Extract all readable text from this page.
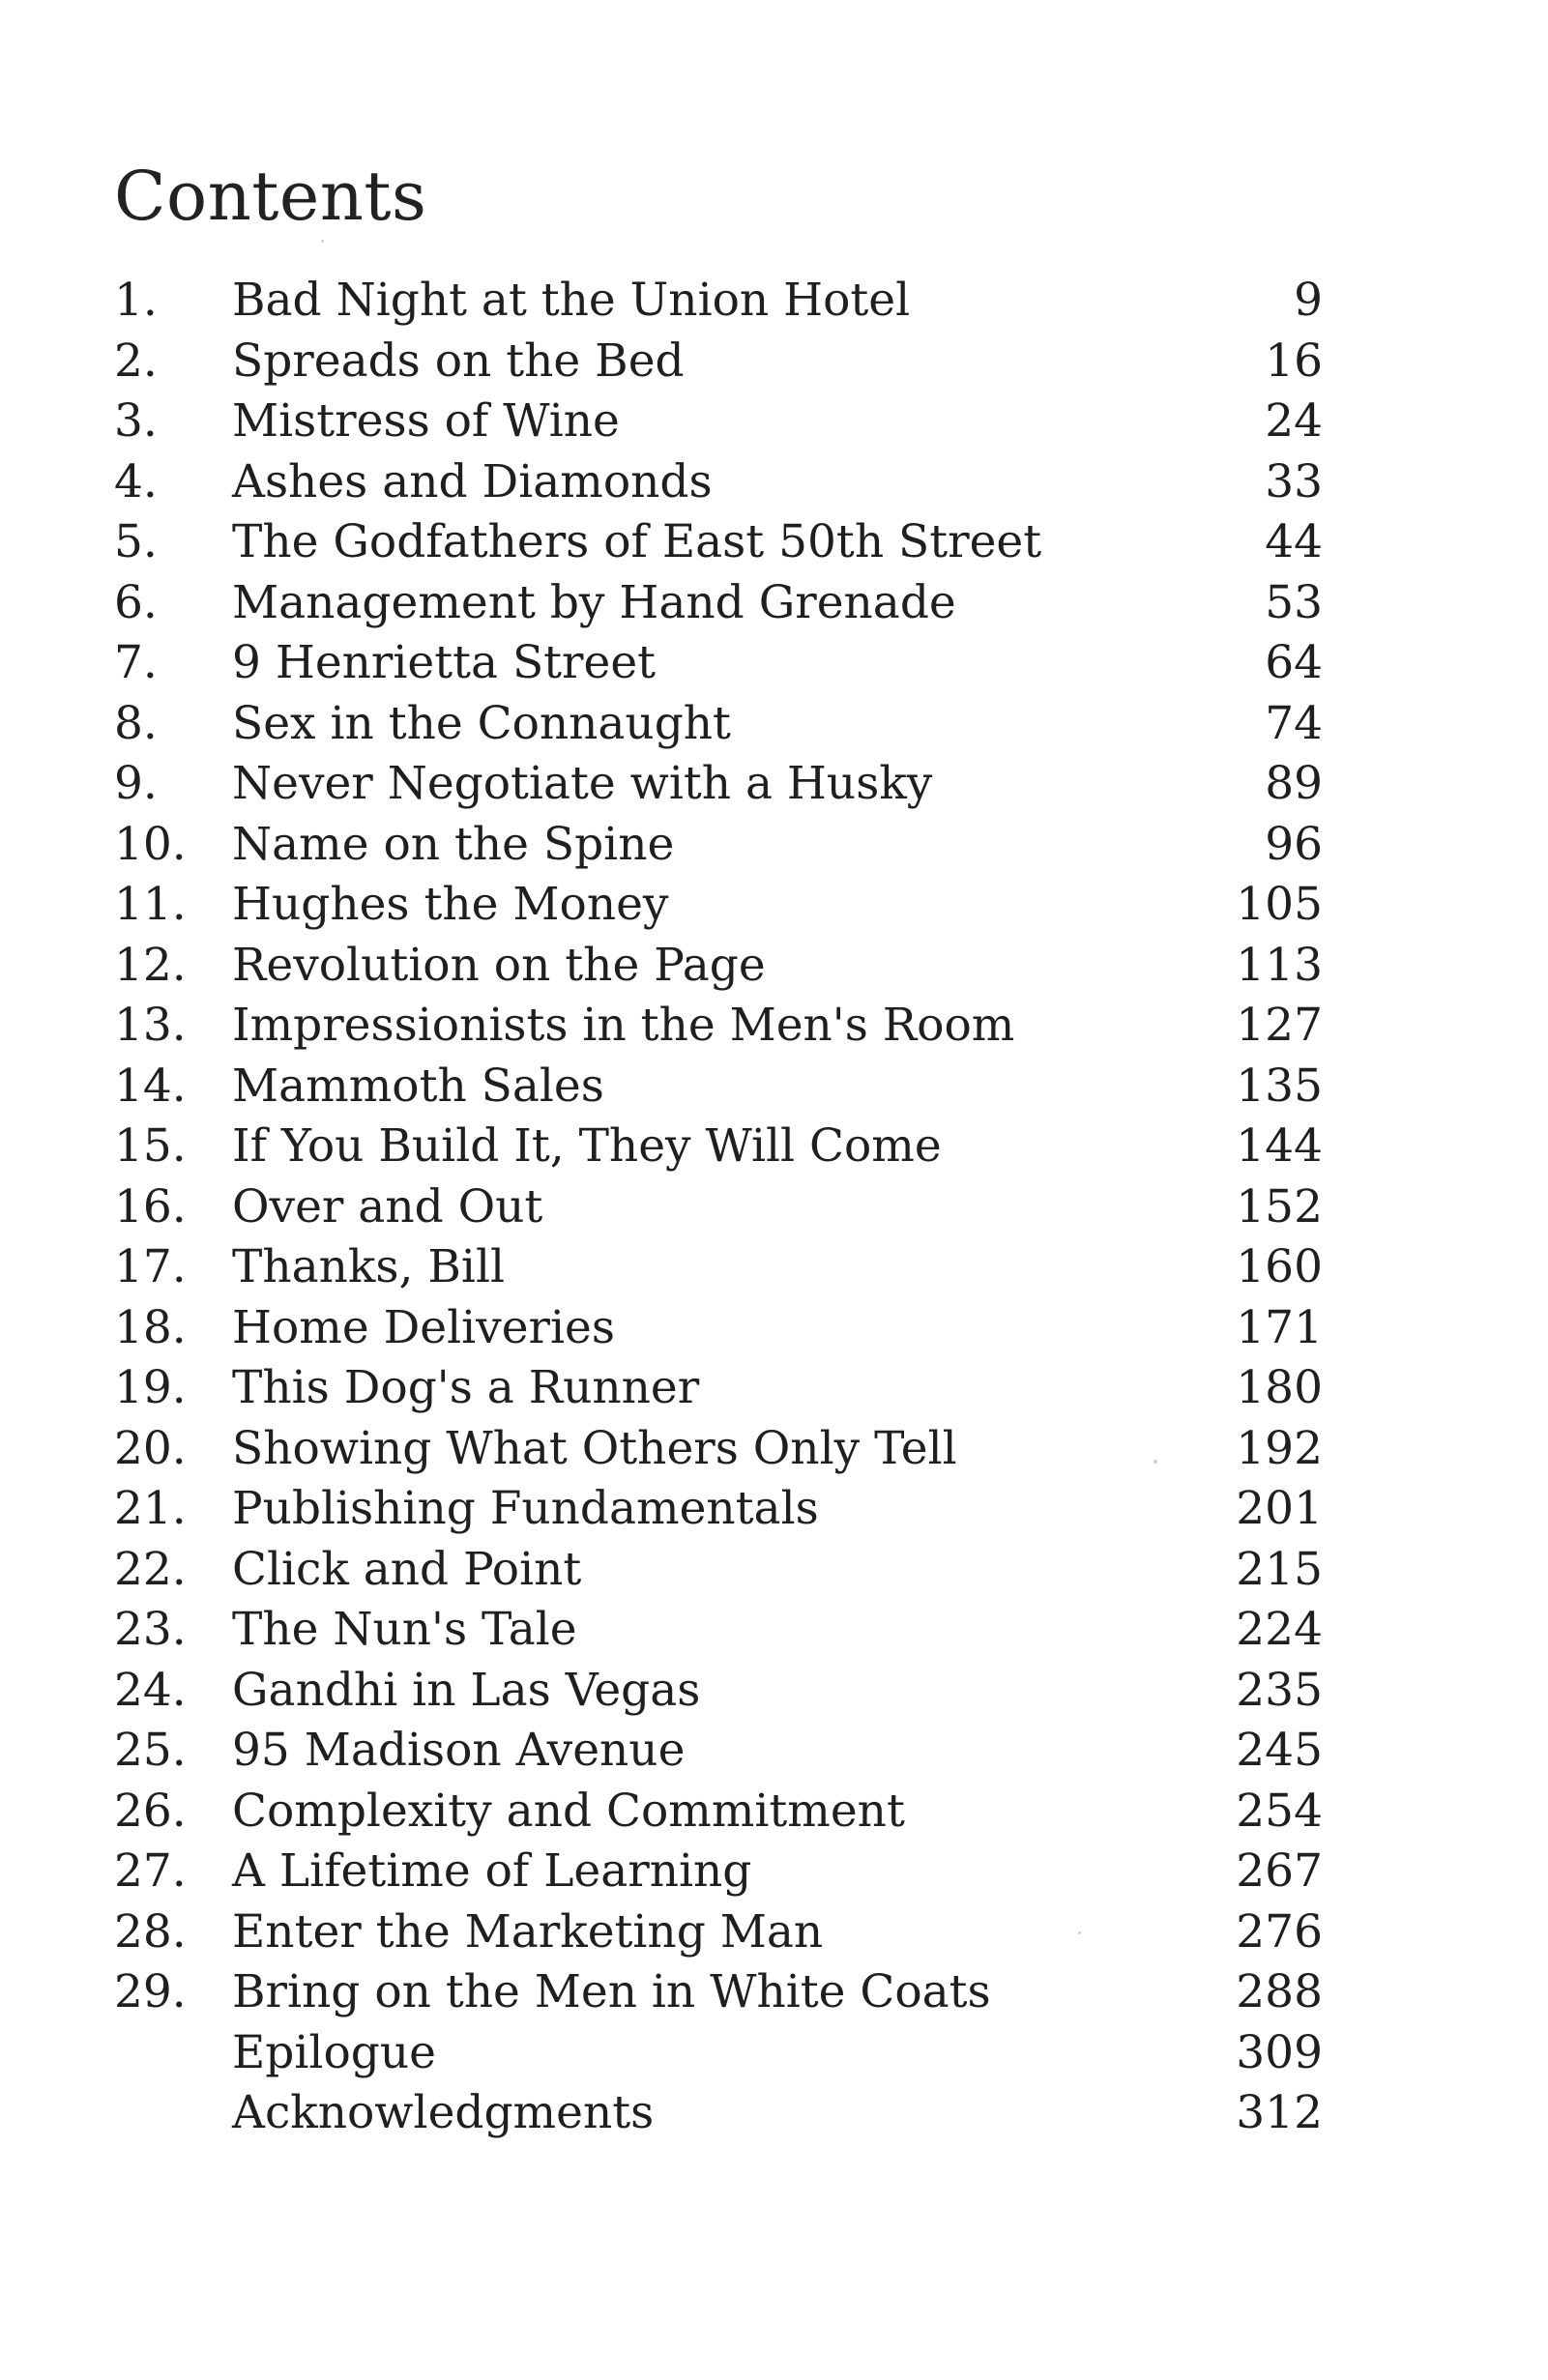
Contents
1. Bad Night at the Union Hotel	9
2. Spreads on the Bed	16
3. Mistress of Wine	24
4. Ashes and Diamonds	33
5. The Godfathers of East 50th Street	44
6. Management by Hand Grenade	53
7. 9 Henrietta Street	64
8. Sex in the Connaught	74
9. Never Negotiate with a Husky	89
10. Name on the Spine	96
11. Hughes the Money	105
12. Revolution on the Page	113
13. Impressionists in the Men's Room	127
14. Mammoth Sales	135
15. If You Build It, They Will Come	144
16. Over and Out	152
17. Thanks, Bill	160
18. Home Deliveries	171
19. This Dog's a Runner	180
20. Showing What Others Only Tell	192
21. Publishing Fundamentals	201
22. Click and Point	215
23. The Nun's Tale	224
24. Gandhi in Las Vegas	235
25. 95 Madison Avenue	245
26. Complexity and Commitment	254
27. A Lifetime of Learning	267
28. Enter the Marketing Man	276
29. Bring on the Men in White Coats	288
Epilogue	309
Acknowledgments	312
